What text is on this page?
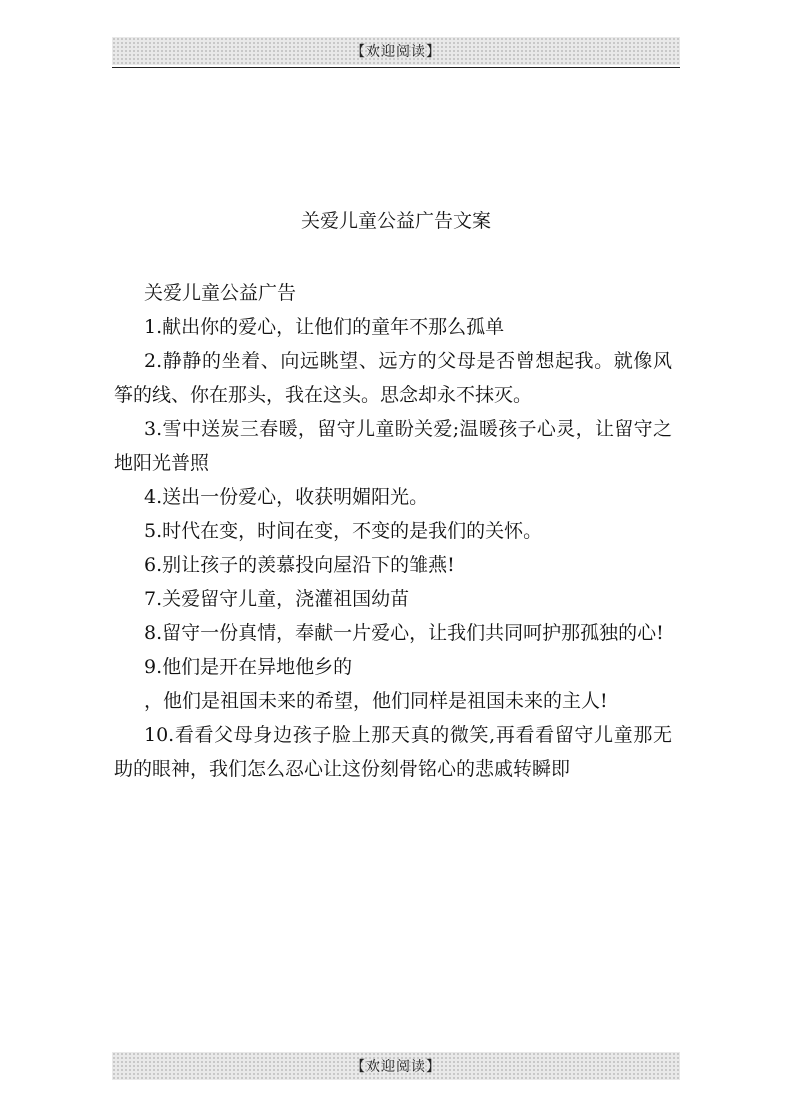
【欢迎阅读】
关爱儿童公益广告文案

关爱儿童公益广告

1.献出你的爱心，让他们的童年不那么孤单

2.静静的坐着、向远眺望、远方的父母是否曾想起我。就像风筝的线、你在那头，我在这头。思念却永不抹灭。

3.雪中送炭三春暖，留守儿童盼关爱;温暖孩子心灵，让留守之地阳光普照

4.送出一份爱心，收获明媚阳光。

5.时代在变，时间在变，不变的是我们的关怀。

6.别让孩子的羡慕投向屋沿下的雏燕!

7.关爱留守儿童，浇灌祖国幼苗

8.留守一份真情，奉献一片爱心，让我们共同呵护那孤独的心!

9.他们是开在异地他乡的

，他们是祖国未来的希望，他们同样是祖国未来的主人!

10.看看父母身边孩子脸上那天真的微笑,再看看留守儿童那无助的眼神，我们怎么忍心让这份刻骨铭心的悲戚转瞬即

【欢迎阅读】
